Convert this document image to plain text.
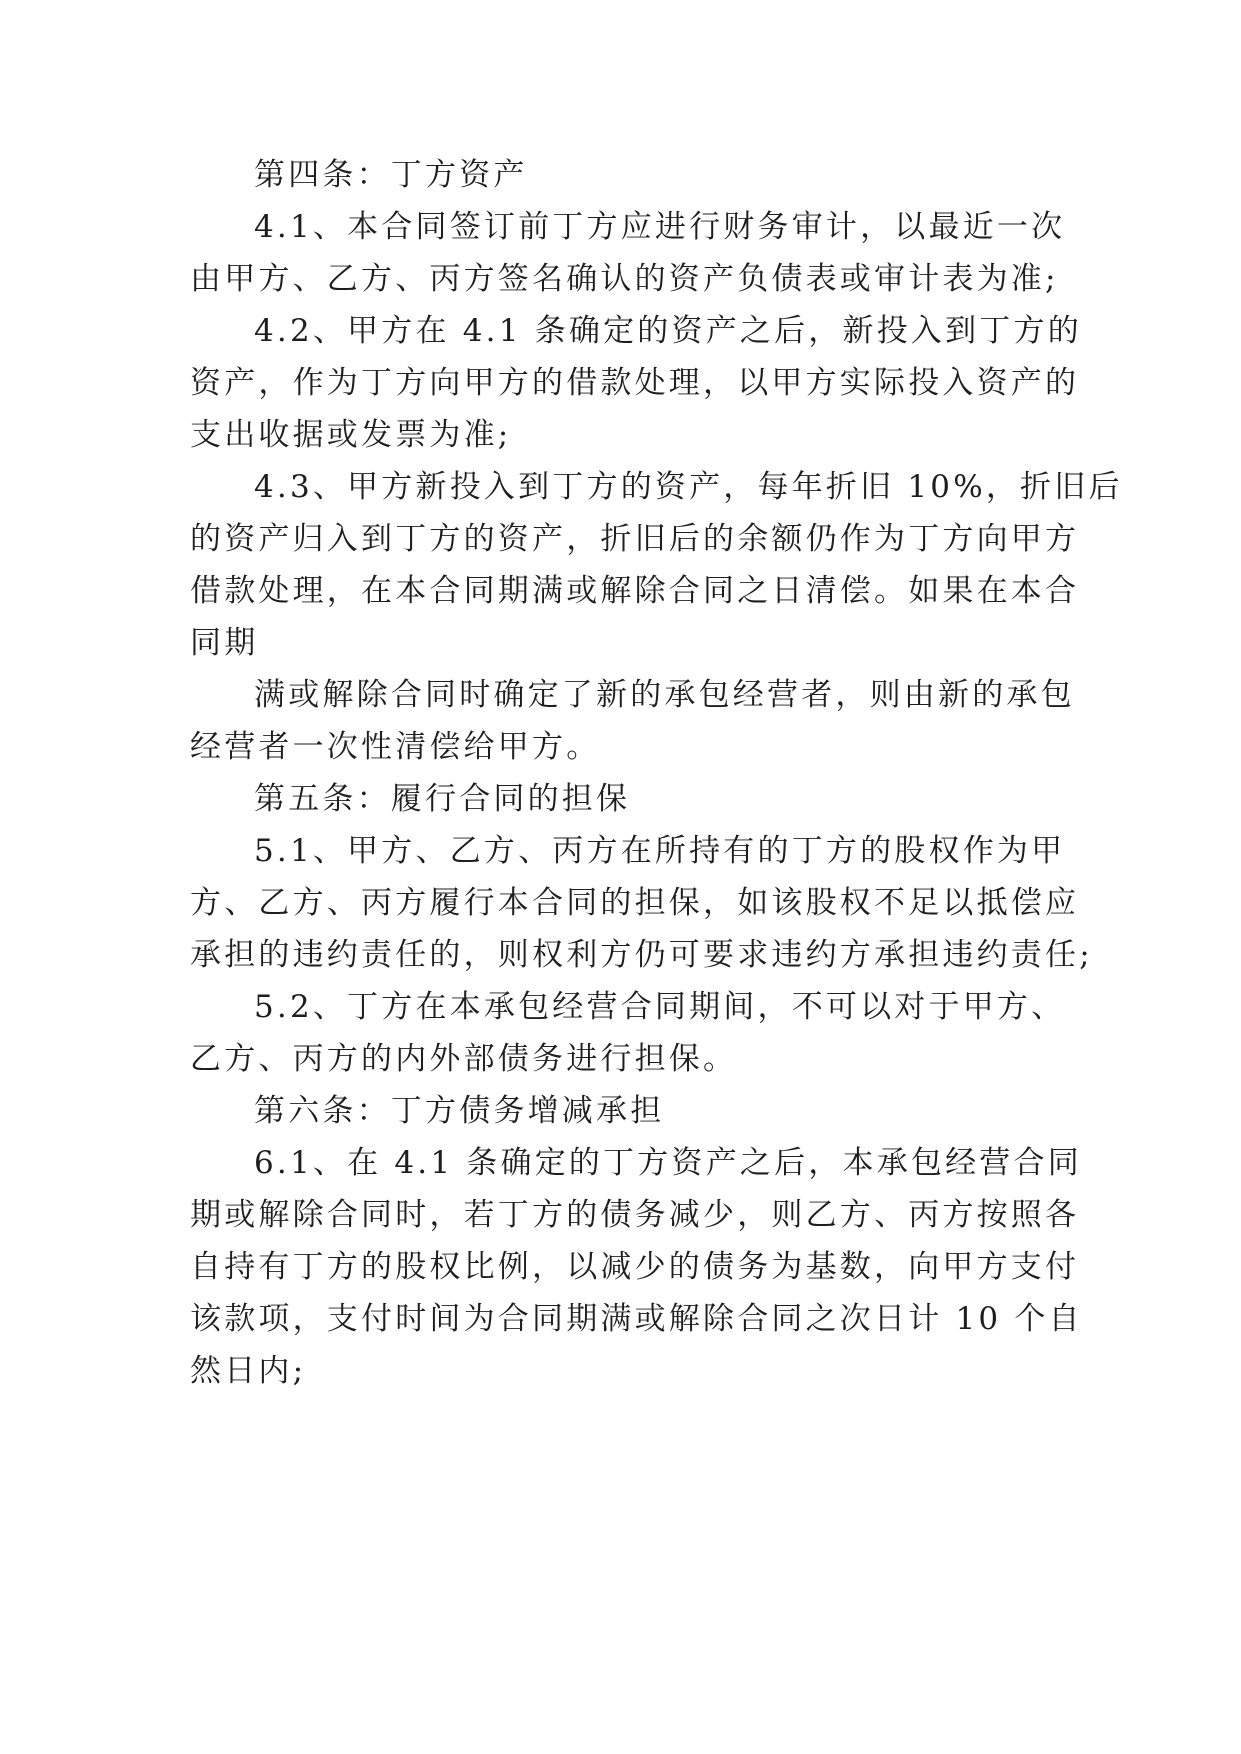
第四条：丁方资产
4.1、本合同签订前丁方应进行财务审计，以最近一次
由甲方、乙方、丙方签名确认的资产负债表或审计表为准;
4.2、甲方在 4.1 条确定的资产之后，新投入到丁方的
资产，作为丁方向甲方的借款处理，以甲方实际投入资产的
支出收据或发票为准;
4.3、甲方新投入到丁方的资产，每年折旧 10%，折旧后
的资产归入到丁方的资产，折旧后的余额仍作为丁方向甲方
借款处理，在本合同期满或解除合同之日清偿。如果在本合
同期
满或解除合同时确定了新的承包经营者，则由新的承包
经营者一次性清偿给甲方。
第五条：履行合同的担保
5.1、甲方、乙方、丙方在所持有的丁方的股权作为甲
方、乙方、丙方履行本合同的担保，如该股权不足以抵偿应
承担的违约责任的，则权利方仍可要求违约方承担违约责任;
5.2、丁方在本承包经营合同期间，不可以对于甲方、
乙方、丙方的内外部债务进行担保。
第六条：丁方债务增减承担
6.1、在 4.1 条确定的丁方资产之后，本承包经营合同
期或解除合同时，若丁方的债务减少，则乙方、丙方按照各
自持有丁方的股权比例，以减少的债务为基数，向甲方支付
该款项，支付时间为合同期满或解除合同之次日计 10 个自
然日内;
